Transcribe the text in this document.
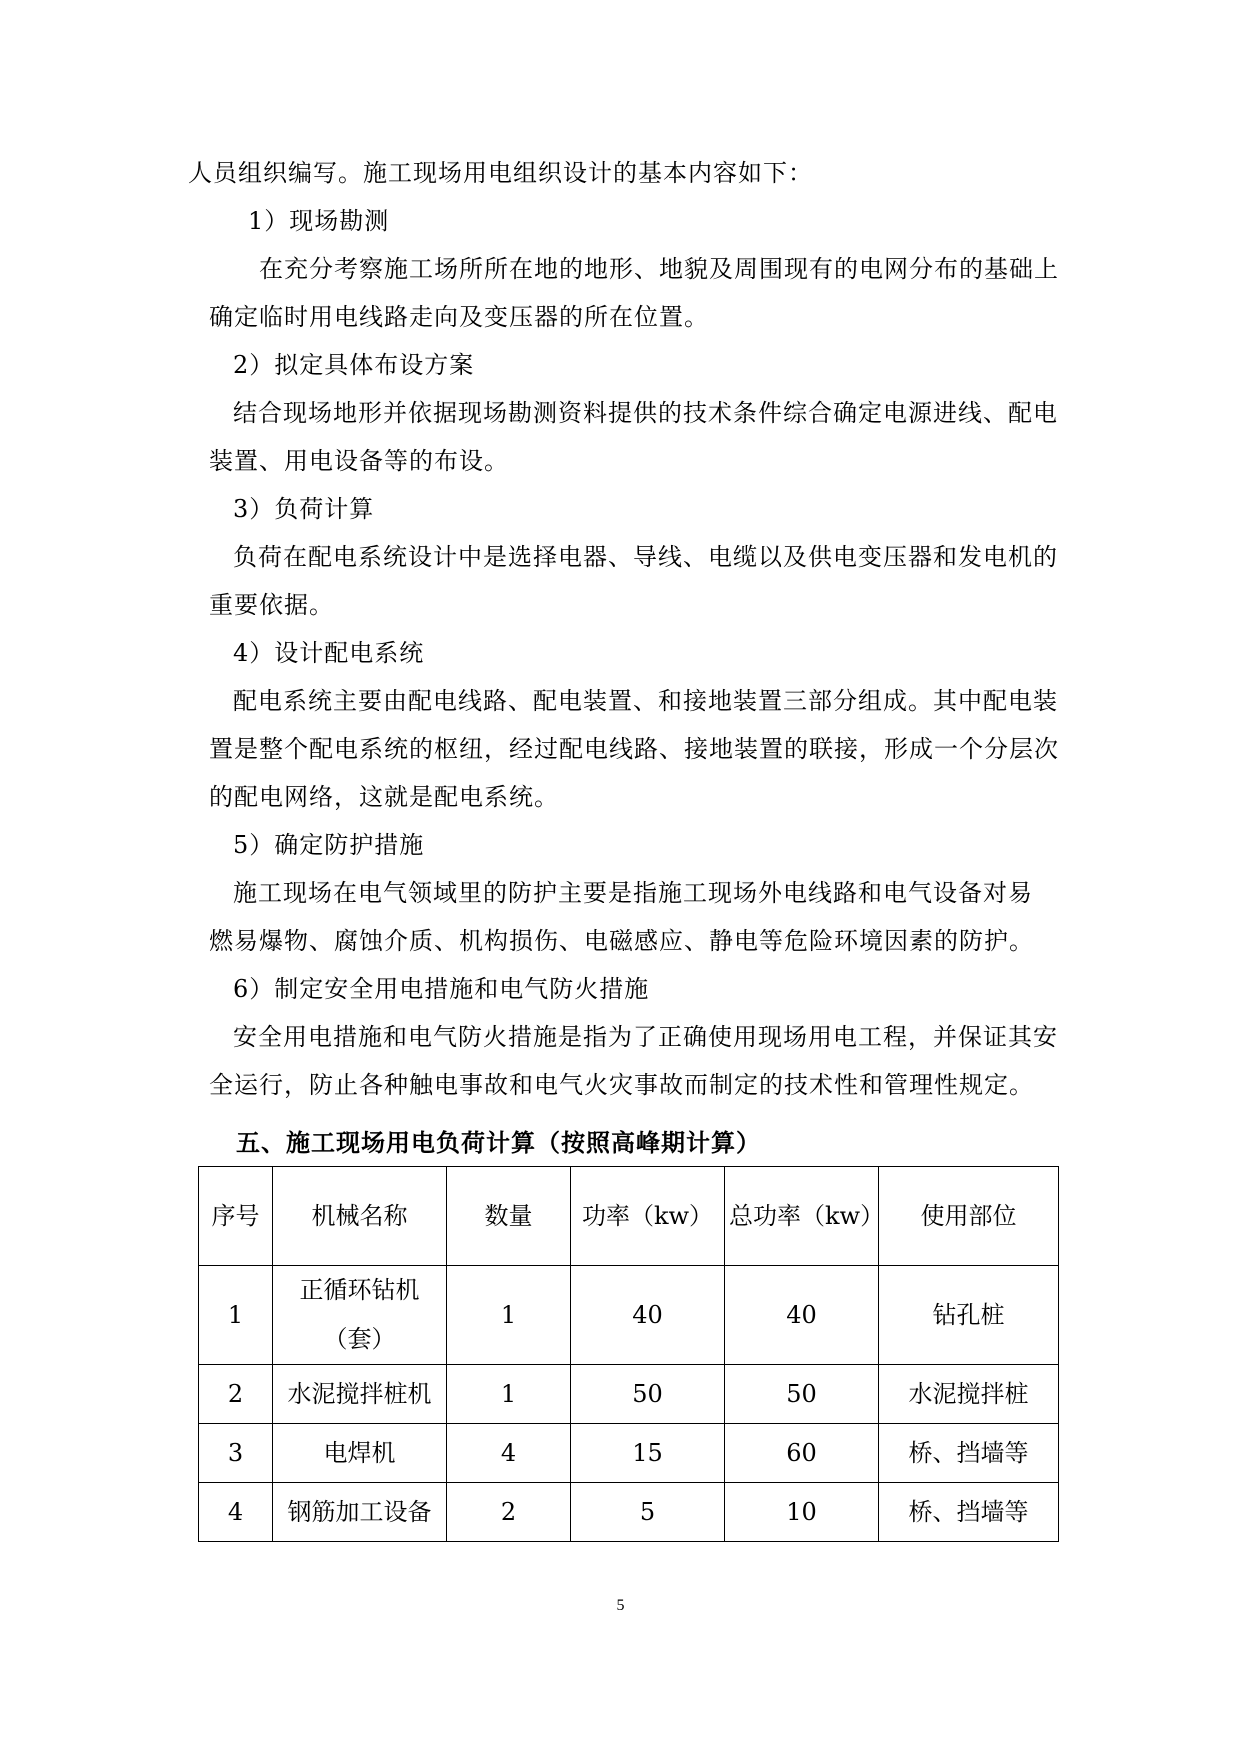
人员组织编写。施工现场用电组织设计的基本内容如下：
1）现场勘测
在充分考察施工场所所在地的地形、地貌及周围现有的电网分布的基础上
确定临时用电线路走向及变压器的所在位置。
2）拟定具体布设方案
结合现场地形并依据现场勘测资料提供的技术条件综合确定电源进线、配电
装置、用电设备等的布设。
3）负荷计算
负荷在配电系统设计中是选择电器、导线、电缆以及供电变压器和发电机的
重要依据。
4）设计配电系统
配电系统主要由配电线路、配电装置、和接地装置三部分组成。其中配电装
置是整个配电系统的枢纽，经过配电线路、接地装置的联接，形成一个分层次
的配电网络，这就是配电系统。
5）确定防护措施
施工现场在电气领域里的防护主要是指施工现场外电线路和电气设备对易
燃易爆物、腐蚀介质、机构损伤、电磁感应、静电等危险环境因素的防护。
6）制定安全用电措施和电气防火措施
安全用电措施和电气防火措施是指为了正确使用现场用电工程，并保证其安
全运行，防止各种触电事故和电气火灾事故而制定的技术性和管理性规定。
五、施工现场用电负荷计算（按照高峰期计算）
序号	机械名称	数量	功率（kw）	总功率（kw）	使用部位
1	正循环钻机（套）	1	40	40	钻孔桩
2	水泥搅拌桩机	1	50	50	水泥搅拌桩
3	电焊机	4	15	60	桥、挡墙等
4	钢筋加工设备	2	5	10	桥、挡墙等
5
